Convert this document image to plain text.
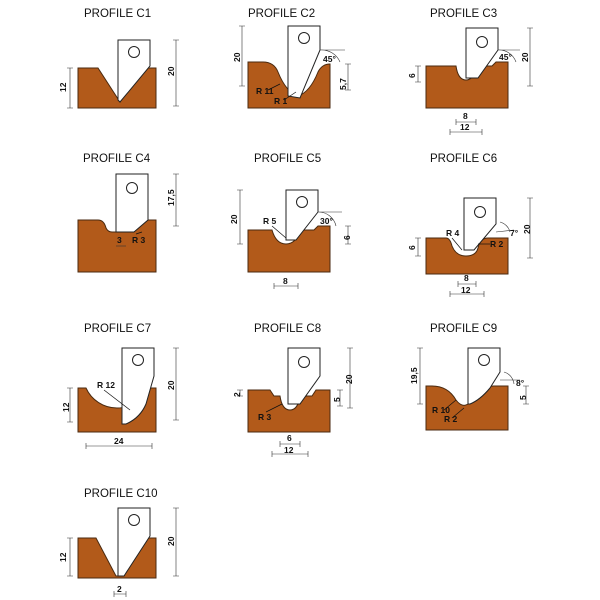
PROFILE C1
12
20
PROFILE C2
20	45°
5,7
R 11
R 1
PROFILE C3
45° 20
6
8
12
PROFILE C4
17,5
3 R 3
PROFILE C5
30°
20
6
R 5
8
PROFILE C6
7° 20
6
R 4
R 2
8
12
PROFILE C7
20
12
R 12
24
PROFILE C8
20
5
2
R 3
6
12
PROFILE C9
8°
19,5
5
R 10
R 2
PROFILE C10
20
12
2
